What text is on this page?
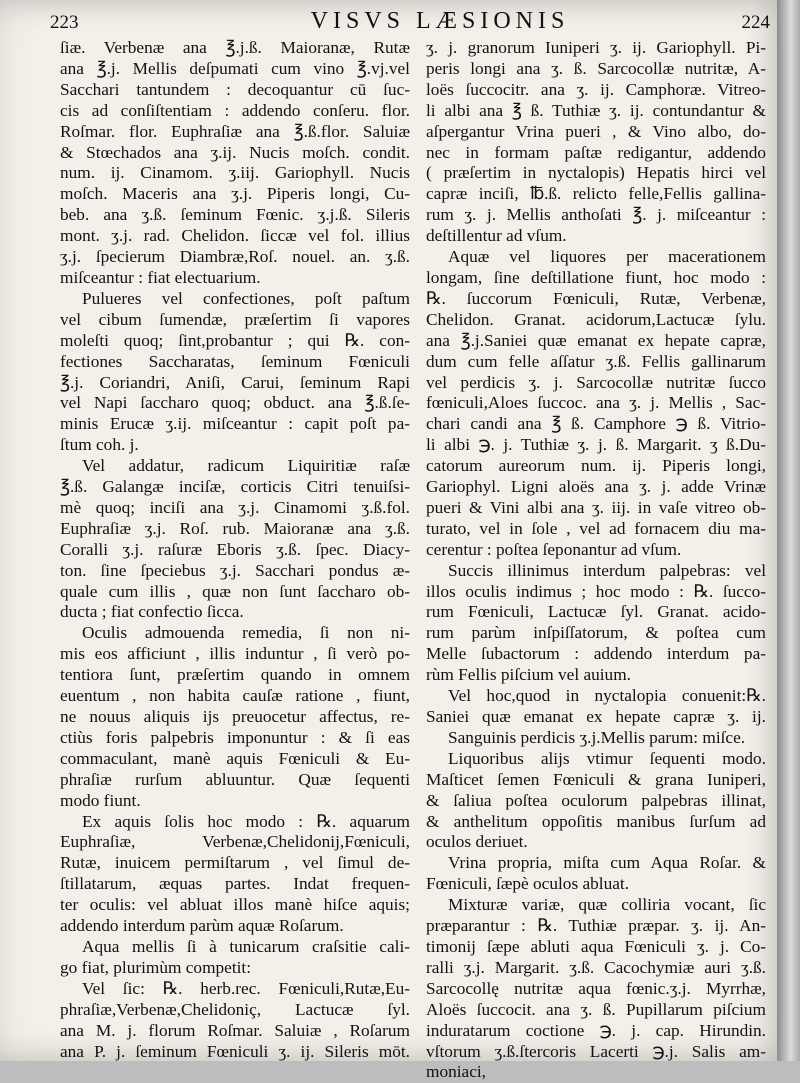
223	VISVS LÆSIONIS	224
ſiæ. Verbenæ ana ℥.j.ß. Maioranæ, Rutæ
ana ℥.j. Mellis deſpumati cum vino ℥.vj.vel
Sacchari tantundem : decoquantur cū ſuc-
cis ad conſiſtentiam : addendo conſeru. flor.
Roſmar. flor. Euphraſiæ ana ℥.ß.flor. Saluiæ
& Stœchados ana ʒ.ij. Nucis moſch. condit.
num. ij. Cinamom. ʒ.iij. Gariophyll. Nucis
moſch. Maceris ana ʒ.j. Piperis longi, Cu-
beb. ana ʒ.ß. ſeminum Fœnic. ʒ.j.ß. Sileris
mont. ʒ.j. rad. Chelidon. ſiccæ vel fol. illius
ʒ.j. ſpecierum Diambræ,Roſ. nouel. an. ʒ.ß.
miſceantur : fiat electuarium.
Pulueres vel confectiones, poſt paſtum
vel cibum ſumendæ, præſertim ſi vapores
moleſti quoq; ſint,probantur ; qui ℞. con-
fectiones Saccharatas, ſeminum Fœniculi
℥.j. Coriandri, Aniſi, Carui, ſeminum Rapi
vel Napi ſaccharo quoq; obduct. ana ℥.ß.ſe-
minis Erucæ ʒ.ij. miſceantur : capit poſt pa-
ſtum coh. j.
Vel addatur, radicum Liquiritiæ raſæ
℥.ß. Galangæ inciſæ, corticis Citri tenuiſsi-
mè quoq; inciſi ana ʒ.j. Cinamomi ʒ.ß.fol.
Euphraſiæ ʒ.j. Roſ. rub. Maioranæ ana ʒ.ß.
Coralli ʒ.j. raſuræ Eboris ʒ.ß. ſpec. Diacy-
ton. ſine ſpeciebus ʒ.j. Sacchari pondus æ-
quale cum illis , quæ non ſunt ſaccharo ob-
ducta ; fiat confectio ſicca.
Oculis admouenda remedia, ſi non ni-
mis eos afficiunt , illis induntur , ſi verò po-
tentiora ſunt, præſertim quando in omnem
euentum , non habita cauſæ ratione , fiunt,
ne nouus aliquis ijs preuocetur affectus, re-
ctiùs foris palpebris imponuntur : & ſi eas
commaculant, manè aquis Fœniculi & Eu-
phraſiæ rurſum abluuntur. Quæ ſequenti
modo fiunt.
Ex aquis ſolis hoc modo : ℞. aquarum
Euphraſiæ, Verbenæ,Chelidonij,Fœniculi,
Rutæ, inuicem permiſtarum , vel ſimul de-
ſtillatarum, æquas partes. Indat frequen-
ter oculis: vel abluat illos manè hiſce aquis;
addendo interdum parùm aquæ Roſarum.
Aqua mellis ſi à tunicarum craſsitie cali-
go fiat, plurimùm competit:
Vel ſic: ℞. herb.rec. Fœniculi,Rutæ,Eu-
phraſiæ,Verbenæ,Chelidoniç, Lactucæ ſyl.
ana M. j. florum Roſmar. Saluiæ , Roſarum
ana P. j. ſeminum Fœniculi ʒ. ij. Sileris mōt.
ʒ. j. granorum Iuniperi ʒ. ij. Gariophyll. Pi-
peris longi ana ʒ. ß. Sarcocollæ nutritæ, A-
loës ſuccocitr. ana ʒ. ij. Camphoræ. Vitreo-
li albi ana ℥ ß. Tuthiæ ʒ. ij. contundantur &
aſpergantur Vrina pueri , & Vino albo, do-
nec in formam paſtæ redigantur, addendo
( præſertim in nyctalopis) Hepatis hirci vel
capræ inciſi, ℔.ß. relicto felle,Fellis gallina-
rum ʒ. j. Mellis anthoſati ℥. j. miſceantur :
deſtillentur ad vſum.
Aquæ vel liquores per macerationem
longam, ſine deſtillatione fiunt, hoc modo :
℞. ſuccorum Fœniculi, Rutæ, Verbenæ,
Chelidon. Granat. acidorum,Lactucæ ſylu.
ana ℥.j.Saniei quæ emanat ex hepate capræ,
dum cum felle aſſatur ʒ.ß. Fellis gallinarum
vel perdicis ʒ. j. Sarcocollæ nutritæ ſucco
fœniculi,Aloes ſuccoc. ana ʒ. j. Mellis , Sac-
chari candi ana ℥ ß. Camphore ℈ ß. Vitrio-
li albi ℈. j. Tuthiæ ʒ. j. ß. Margarit. ʒ ß.Du-
catorum aureorum num. ij. Piperis longi,
Gariophyl. Ligni aloës ana ʒ. j. adde Vrinæ
pueri & Vini albi ana ʒ. iij. in vaſe vitreo ob-
turato, vel in ſole , vel ad fornacem diu ma-
cerentur : poſtea ſeponantur ad vſum.
Succis illinimus interdum palpebras: vel
illos oculis indimus ; hoc modo : ℞. ſucco-
rum Fœniculi, Lactucæ ſyl. Granat. acido-
rum parùm inſpiſſatorum, & poſtea cum
Melle ſubactorum : addendo interdum pa-
rùm Fellis piſcium vel auium.
Vel hoc,quod in nyctalopia conuenit:℞.
Saniei quæ emanat ex hepate capræ ʒ. ij.
Sanguinis perdicis ʒ.j.Mellis parum: miſce.
Liquoribus alijs vtimur ſequenti modo.
Maſticet ſemen Fœniculi & grana Iuniperi,
& ſaliua poſtea oculorum palpebras illinat,
& anthelitum oppoſitis manibus ſurſum ad
oculos deriuet.
Vrina propria, miſta cum Aqua Roſar. &
Fœniculi, ſæpè oculos abluat.
Mixturæ variæ, quæ colliria vocant, ſic
præparantur : ℞. Tuthiæ præpar. ʒ. ij. An-
timonij ſæpe abluti aqua Fœniculi ʒ. j. Co-
ralli ʒ.j. Margarit. ʒ.ß. Cacochymiæ auri ʒ.ß.
Sarcocollę nutritæ aqua fœnic.ʒ.j. Myrrhæ,
Aloës ſuccocit. ana ʒ. ß. Pupillarum piſcium
induratarum coctione ℈. j. cap. Hirundin.
vſtorum ʒ.ß.ſtercoris Lacerti ℈.j. Salis am-
moniaci,
